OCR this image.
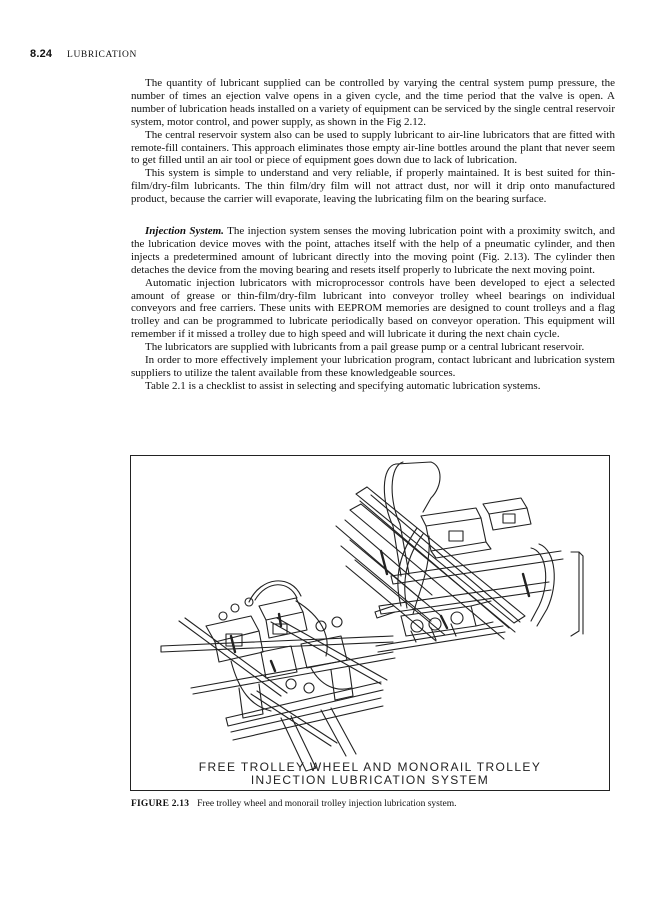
8.24 LUBRICATION

The quantity of lubricant supplied can be controlled by varying the central system pump pressure, the number of times an ejection valve opens in a given cycle, and the time period that the valve is open. A number of lubrication heads installed on a variety of equipment can be serviced by the single central reservoir system, motor control, and power supply, as shown in the Fig 2.12.

The central reservoir system also can be used to supply lubricant to air-line lubricators that are fitted with remote-fill containers. This approach eliminates those empty air-line bottles around the plant that never seem to get filled until an air tool or piece of equipment goes down due to lack of lubrication.

This system is simple to understand and very reliable, if properly maintained. It is best suited for thin-film/dry-film lubricants. The thin film/dry film will not attract dust, nor will it drip onto manufactured product, because the carrier will evaporate, leaving the lubricating film on the bearing surface.

Injection System. The injection system senses the moving lubrication point with a proximity switch, and the lubrication device moves with the point, attaches itself with the help of a pneumatic cylinder, and then injects a predetermined amount of lubricant directly into the moving point (Fig. 2.13). The cylinder then detaches the device from the moving bearing and resets itself properly to lubricate the next moving point.

Automatic injection lubricators with microprocessor controls have been developed to eject a selected amount of grease or thin-film/dry-film lubricant into conveyor trolley wheel bearings on individual conveyors and free carriers. These units with EEPROM memories are designed to count trolleys and a flag trolley and can be programmed to lubricate periodically based on conveyor operation. This equipment will remember if it missed a trolley due to high speed and will lubricate it during the next chain cycle.

The lubricators are supplied with lubricants from a pail grease pump or a central lubricant reservoir.

In order to more effectively implement your lubrication program, contact lubricant and lubrication system suppliers to utilize the talent available from these knowledgeable sources.

Table 2.1 is a checklist to assist in selecting and specifying automatic lubrication systems.

FREE TROLLEY WHEEL AND MONORAIL TROLLEY
INJECTION LUBRICATION SYSTEM
FIGURE 2.13 Free trolley wheel and monorail trolley injection lubrication system.
